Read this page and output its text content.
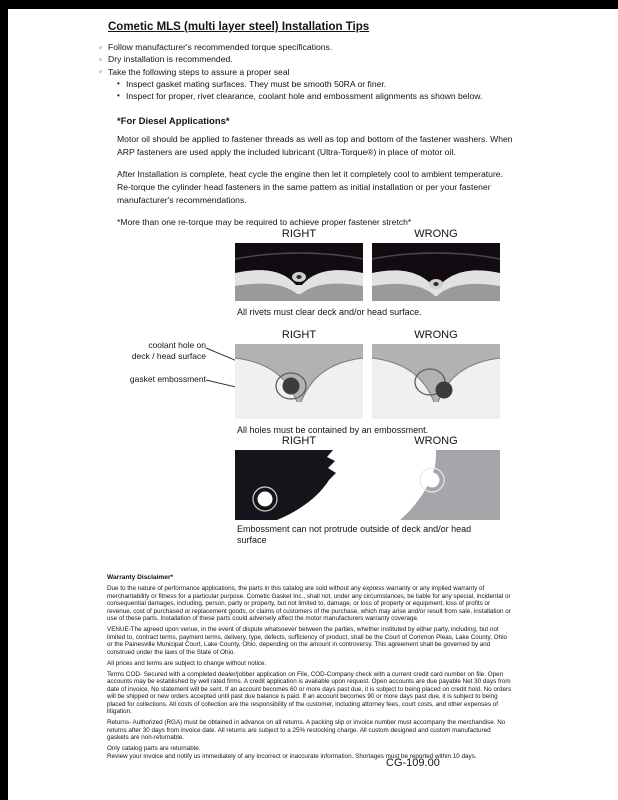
Cometic MLS (multi layer steel) Installation Tips
◦ Follow manufacturer's recommended torque specifications.
◦ Dry installation is recommended.
◦ Take the following steps to assure a proper seal
• Inspect gasket mating surfaces. They must be smooth 50RA or finer.
• Inspect for proper, rivet clearance, coolant hole and embossment alignments as shown below.
*For Diesel Applications*

Motor oil should be applied to fastener threads as well as top and bottom of the fastener washers. When ARP fasteners are used apply the included lubricant (Ultra-Torque®) in place of motor oil.

After Installation is complete, heat cycle the engine then let it completely cool to ambient temperature. Re-torque the cylinder head fasteners in the same pattern as initial installation or per your fastener manufacturer's recommendations.

*More than one re-torque may be required to achieve proper fastener stretch*

RIGHT	WRONG
All rivets must clear deck and/or head surface.
coolant hole on
deck / head surface
gasket embossment
RIGHT	WRONG
All holes must be contained by an embossment.
RIGHT	WRONG
Embossment can not protrude outside of deck and/or head surface
Warranty Disclaimer*

Due to the nature of performance applications, the parts in this catalog are sold without any express warranty or any implied warranty of merchantability or fitness for a particular purpose. Cometic Gasket Inc., shall not, under any circumstances, be liable for any special, incidental or consequential damages, including, person, party or property, but not limited to, damage, or loss of property or equipment, loss of profits or revenue, cost of purchased or replacement goods, or claims of customers of the purchase, which may arise and/or result from sale, installation or use of these parts. Installation of these parts could adversely affect the motor manufacturers warranty coverage.

VENUE-The agreed upon venue, in the event of dispute whatsoever between the parties, whether instituted by either party, including, but not limited to, contract terms, payment terms, delivery, type, defects, sufficiency of product, shall be the Court of Common Pleas, Lake County, Ohio or the Painesville Municipal Court, Lake County, Ohio, depending on the amount in controversy. This agreement shall be governed by and construed under the laws of the State of Ohio.

All prices and terms are subject to change without notice.

Terms COD- Secured with a completed dealer/jobber application on File, COD-Company check with a current credit card number on file. Open accounts may be established by well rated firms. A credit application is available upon request. Open accounts are due payable Net 30 days from date of invoice. No statement will be sent. If an account becomes 60 or more days past due, it is subject to being placed on credit hold. No orders will be shipped or new orders accepted until past due balance is paid. If an account becomes 90 or more days past due, it is subject to being placed for collections. All costs of collection are the responsibility of the customer, including attorney fees, court costs, and other expenses of litigation.

Returns- Authorized (RGA) must be obtained in advance on all returns. A packing slip or invoice number must accompany the merchandise. No returns after 30 days from invoice date. All returns are subject to a 25% restocking charge. All custom designed and custom manufactured gaskets are non-returnable.

Only catalog parts are returnable.

Review your invoice and notify us immediately of any incorrect or inaccurate information. Shortages must be reported within 10 days.

CG-109.00
